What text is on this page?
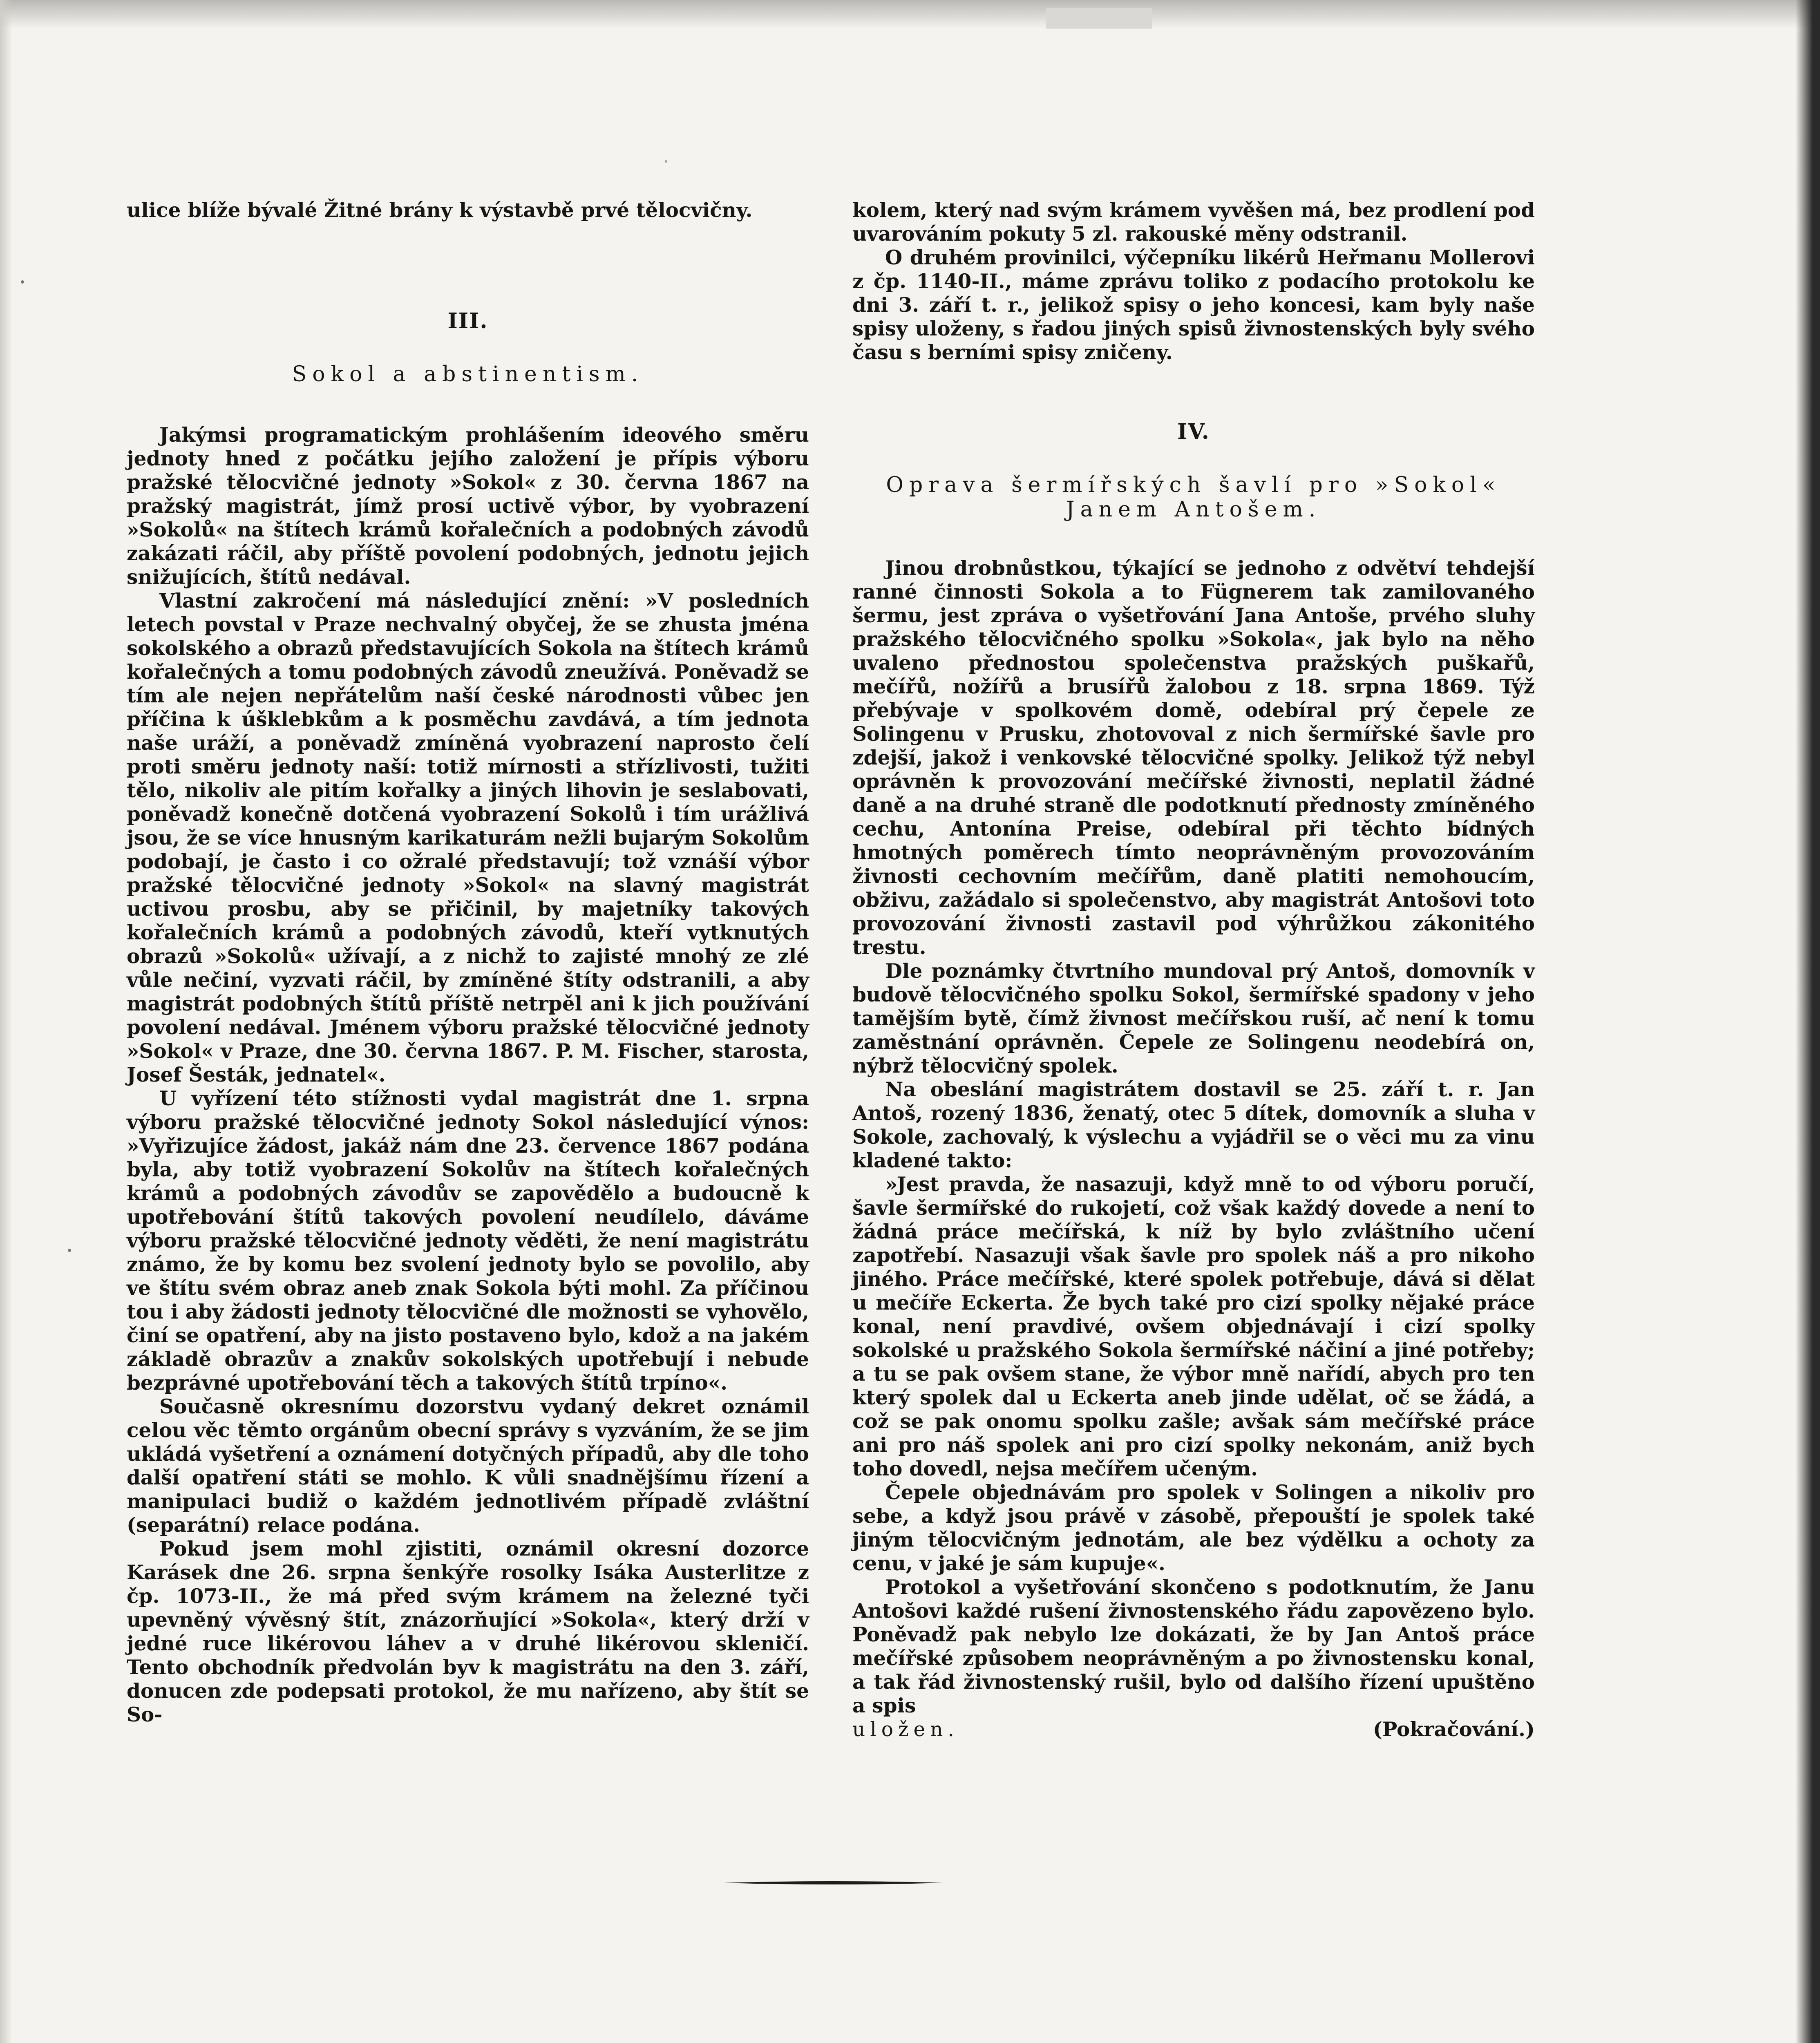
ulice blíže bývalé Žitné brány k výstavbě prvé tělocvičny.

III.
Sokol a abstinentism.

Jakýmsi programatickým prohlášením ideového směru jednoty hned z počátku jejího založení je přípis výboru pražské tělocvičné jednoty »Sokol« z 30. června 1867 na pražský magistrát, jímž prosí uctivě výbor, by vyobrazení »Sokolů« na štítech krámů kořalečních a podobných závodů zakázati ráčil, aby příště povolení podobných, jednotu jejich snižujících, štítů nedával.

Vlastní zakročení má následující znění: »V posledních letech povstal v Praze nechvalný obyčej, že se zhusta jména sokolského a obrazů představujících Sokola na štítech krámů kořalečných a tomu podobných závodů zneužívá. Poněvadž se tím ale nejen nepřátelům naší české národnosti vůbec jen příčina k úšklebkům a k posměchu zavdává, a tím jednota naše uráží, a poněvadž zmíněná vyobrazení naprosto čelí proti směru jednoty naší: totiž mírnosti a střízlivosti, tužiti tělo, nikoliv ale pitím kořalky a jiných lihovin je seslabovati, poněvadž konečně dotčená vyobrazení Sokolů i tím urážlivá jsou, že se více hnusným karikaturám nežli bujarým Sokolům podobají, je často i co ožralé představují; tož vznáší výbor pražské tělocvičné jednoty »Sokol« na slavný magistrát uctivou prosbu, aby se přičinil, by majetníky takových kořalečních krámů a podobných závodů, kteří vytknutých obrazů »Sokolů« užívají, a z nichž to zajisté mnohý ze zlé vůle nečiní, vyzvati ráčil, by zmíněné štíty odstranili, a aby magistrát podobných štítů příště netrpěl ani k jich používání povolení nedával. Jménem výboru pražské tělocvičné jednoty »Sokol« v Praze, dne 30. června 1867. P. M. Fischer, starosta, Josef Šesták, jednatel«.

U vyřízení této stížnosti vydal magistrát dne 1. srpna výboru pražské tělocvičné jednoty Sokol následující výnos: »Vyřizujíce žádost, jakáž nám dne 23. července 1867 podána byla, aby totiž vyobrazení Sokolův na štítech kořalečných krámů a podobných závodův se zapovědělo a budoucně k upotřebování štítů takových povolení neudílelo, dáváme výboru pražské tělocvičné jednoty věděti, že není magistrátu známo, že by komu bez svolení jednoty bylo se povolilo, aby ve štítu svém obraz aneb znak Sokola býti mohl. Za příčinou tou i aby žádosti jednoty tělocvičné dle možnosti se vyhovělo, činí se opatření, aby na jisto postaveno bylo, kdož a na jakém základě obrazův a znakův sokolských upotřebují i nebude bezprávné upotřebování těch a takových štítů trpíno«.

Současně okresnímu dozorstvu vydaný dekret oznámil celou věc těmto orgánům obecní správy s vyzváním, že se jim ukládá vyšetření a oznámení dotyčných případů, aby dle toho další opatření státi se mohlo. K vůli snadnějšímu řízení a manipulaci budiž o každém jednotlivém případě zvláštní (separátní) relace podána.

Pokud jsem mohl zjistiti, oznámil okresní dozorce Karásek dne 26. srpna šenkýře rosolky Isáka Austerlitze z čp. 1073-II., že má před svým krámem na železné tyči upevněný vývěsný štít, znázorňující »Sokola«, který drží v jedné ruce likérovou láhev a v druhé likérovou skleničí. Tento obchodník předvolán byv k magistrátu na den 3. září, donucen zde podepsati protokol, že mu nařízeno, aby štít se So-

kolem, který nad svým krámem vyvěšen má, bez prodlení pod uvarováním pokuty 5 zl. rakouské měny odstranil.

O druhém provinilci, výčepníku likérů Heřmanu Mollerovi z čp. 1140-II., máme zprávu toliko z podacího protokolu ke dni 3. září t. r., jelikož spisy o jeho koncesi, kam byly naše spisy uloženy, s řadou jiných spisů živnostenských byly svého času s berními spisy zničeny.

IV.
Oprava šermířských šavlí pro »Sokol«
Janem Antošem.

Jinou drobnůstkou, týkající se jednoho z odvětví tehdejší ranné činnosti Sokola a to Fügnerem tak zamilovaného šermu, jest zpráva o vyšetřování Jana Antoše, prvého sluhy pražského tělocvičného spolku »Sokola«, jak bylo na něho uvaleno přednostou společenstva pražských puškařů, mečířů, nožířů a brusířů žalobou z 18. srpna 1869. Týž přebývaje v spolkovém domě, odebíral prý čepele ze Solingenu v Prusku, zhotovoval z nich šermířské šavle pro zdejší, jakož i venkovské tělocvičné spolky. Jelikož týž nebyl oprávněn k provozování mečířské živnosti, neplatil žádné daně a na druhé straně dle podotknutí přednosty zmíněného cechu, Antonína Preise, odebíral při těchto bídných hmotných poměrech tímto neoprávněným provozováním živnosti cechovním mečířům, daně platiti nemohoucím, obživu, zažádalo si společenstvo, aby magistrát Antošovi toto provozování živnosti zastavil pod výhrůžkou zákonitého trestu.

Dle poznámky čtvrtního mundoval prý Antoš, domovník v budově tělocvičného spolku Sokol, šermířské spadony v jeho tamějším bytě, čímž živnost mečířskou ruší, ač není k tomu zaměstnání oprávněn. Čepele ze Solingenu neodebírá on, nýbrž tělocvičný spolek.

Na obeslání magistrátem dostavil se 25. září t. r. Jan Antoš, rozený 1836, ženatý, otec 5 dítek, domovník a sluha v Sokole, zachovalý, k výslechu a vyjádřil se o věci mu za vinu kladené takto:

»Jest pravda, že nasazuji, když mně to od výboru poručí, šavle šermířské do rukojetí, což však každý dovede a není to žádná práce mečířská, k níž by bylo zvláštního učení zapotřebí. Nasazuji však šavle pro spolek náš a pro nikoho jiného. Práce mečířské, které spolek potřebuje, dává si dělat u mečíře Eckerta. Že bych také pro cizí spolky nějaké práce konal, není pravdivé, ovšem objednávají i cizí spolky sokolské u pražského Sokola šermířské náčiní a jiné potřeby; a tu se pak ovšem stane, že výbor mně nařídí, abych pro ten který spolek dal u Eckerta aneb jinde udělat, oč se žádá, a což se pak onomu spolku zašle; avšak sám mečířské práce ani pro náš spolek ani pro cizí spolky nekonám, aniž bych toho dovedl, nejsa mečířem učeným.

Čepele objednávám pro spolek v Solingen a nikoliv pro sebe, a když jsou právě v zásobě, přepouští je spolek také jiným tělocvičným jednotám, ale bez výdělku a ochoty za cenu, v jaké je sám kupuje«.

Protokol a vyšetřování skončeno s podotknutím, že Janu Antošovi každé rušení živnostenského řádu zapovězeno bylo. Poněvadž pak nebylo lze dokázati, že by Jan Antoš práce mečířské způsobem neoprávněným a po živnostensku konal, a tak řád živnostenský rušil, bylo od dalšího řízení upuštěno a spis

uložen.	(Pokračování.)
